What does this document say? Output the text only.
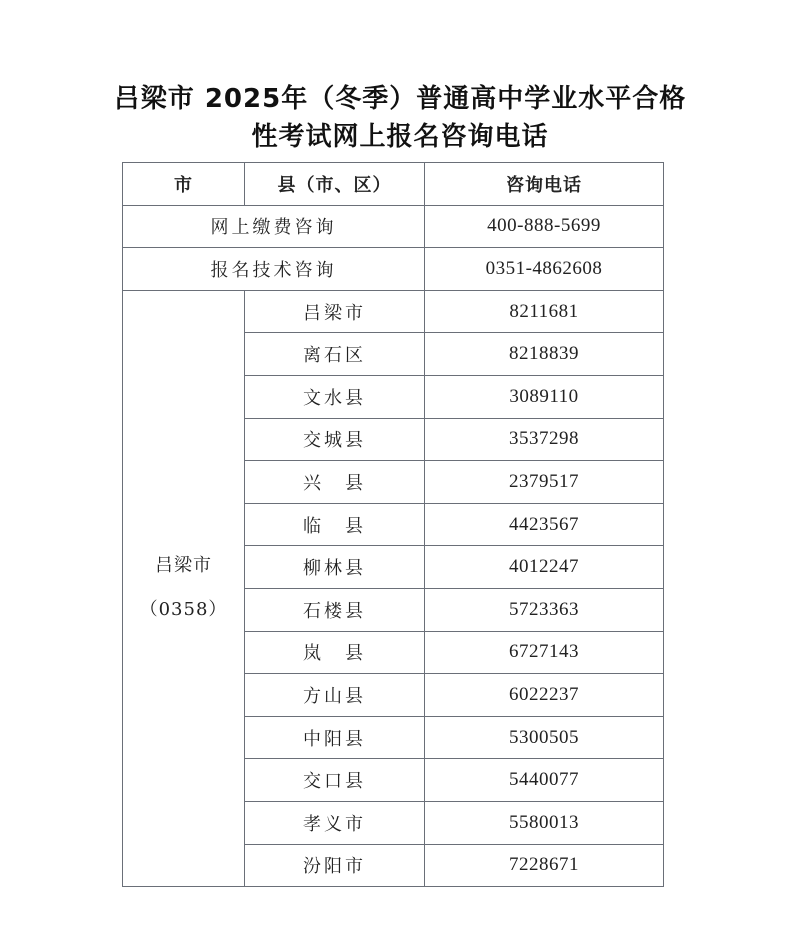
吕梁市 2025年（冬季）普通高中学业水平合格
性考试网上报名咨询电话
市	县（市、区）	咨询电话
网上缴费咨询		400-888-5699
报名技术咨询		0351-4862608

吕梁市
（0358）	吕梁市	8211681
	离石区	8218839
	文水县	3089110
	交城县	3537298
	兴　县	2379517
	临　县	4423567
	柳林县	4012247
	石楼县	5723363
	岚　县	6727143
	方山县	6022237
	中阳县	5300505
	交口县	5440077
	孝义市	5580013
	汾阳市	7228671
